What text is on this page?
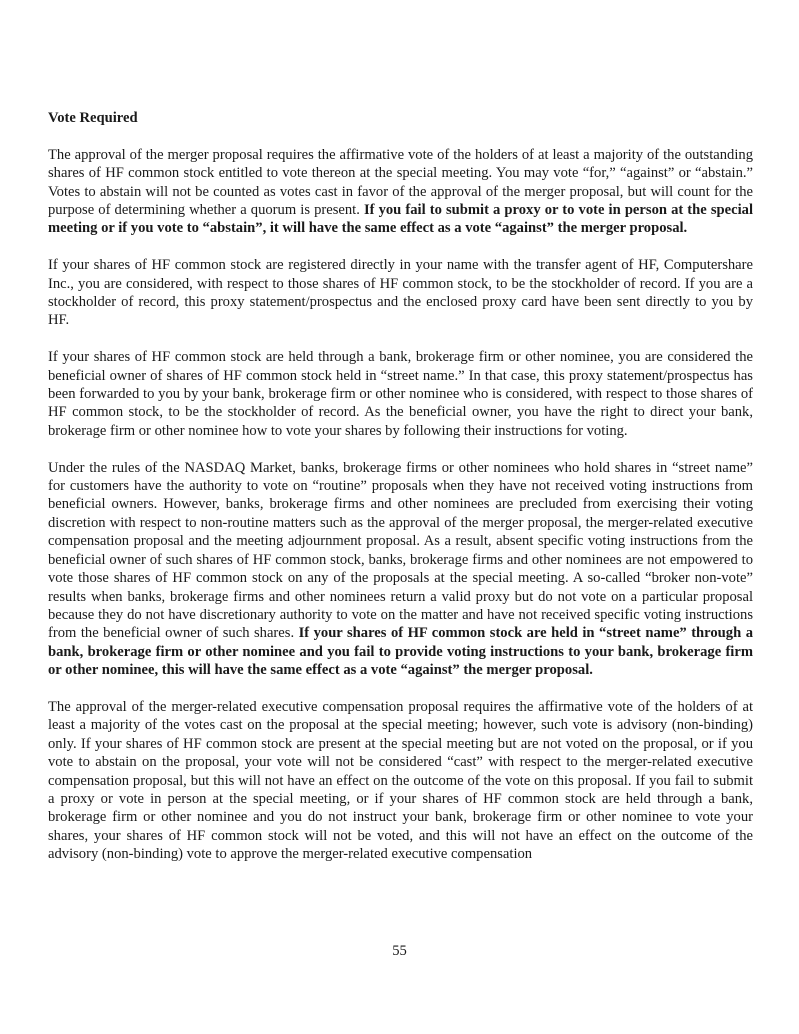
Vote Required

The approval of the merger proposal requires the affirmative vote of the holders of at least a majority of the outstanding shares of HF common stock entitled to vote thereon at the special meeting. You may vote “for,” “against” or “abstain.” Votes to abstain will not be counted as votes cast in favor of the approval of the merger proposal, but will count for the purpose of determining whether a quorum is present. If you fail to submit a proxy or to vote in person at the special meeting or if you vote to “abstain”, it will have the same effect as a vote “against” the merger proposal.

If your shares of HF common stock are registered directly in your name with the transfer agent of HF, Computershare Inc., you are considered, with respect to those shares of HF common stock, to be the stockholder of record. If you are a stockholder of record, this proxy statement/prospectus and the enclosed proxy card have been sent directly to you by HF.

If your shares of HF common stock are held through a bank, brokerage firm or other nominee, you are considered the beneficial owner of shares of HF common stock held in “street name.” In that case, this proxy statement/prospectus has been forwarded to you by your bank, brokerage firm or other nominee who is considered, with respect to those shares of HF common stock, to be the stockholder of record. As the beneficial owner, you have the right to direct your bank, brokerage firm or other nominee how to vote your shares by following their instructions for voting.

Under the rules of the NASDAQ Market, banks, brokerage firms or other nominees who hold shares in “street name” for customers have the authority to vote on “routine” proposals when they have not received voting instructions from beneficial owners. However, banks, brokerage firms and other nominees are precluded from exercising their voting discretion with respect to non-routine matters such as the approval of the merger proposal, the merger-related executive compensation proposal and the meeting adjournment proposal. As a result, absent specific voting instructions from the beneficial owner of such shares of HF common stock, banks, brokerage firms and other nominees are not empowered to vote those shares of HF common stock on any of the proposals at the special meeting. A so-called “broker non-vote” results when banks, brokerage firms and other nominees return a valid proxy but do not vote on a particular proposal because they do not have discretionary authority to vote on the matter and have not received specific voting instructions from the beneficial owner of such shares. If your shares of HF common stock are held in “street name” through a bank, brokerage firm or other nominee and you fail to provide voting instructions to your bank, brokerage firm or other nominee, this will have the same effect as a vote “against” the merger proposal.

The approval of the merger-related executive compensation proposal requires the affirmative vote of the holders of at least a majority of the votes cast on the proposal at the special meeting; however, such vote is advisory (non-binding) only. If your shares of HF common stock are present at the special meeting but are not voted on the proposal, or if you vote to abstain on the proposal, your vote will not be considered “cast” with respect to the merger-related executive compensation proposal, but this will not have an effect on the outcome of the vote on this proposal. If you fail to submit a proxy or vote in person at the special meeting, or if your shares of HF common stock are held through a bank, brokerage firm or other nominee and you do not instruct your bank, brokerage firm or other nominee to vote your shares, your shares of HF common stock will not be voted, and this will not have an effect on the outcome of the advisory (non-binding) vote to approve the merger-related executive compensation

55
